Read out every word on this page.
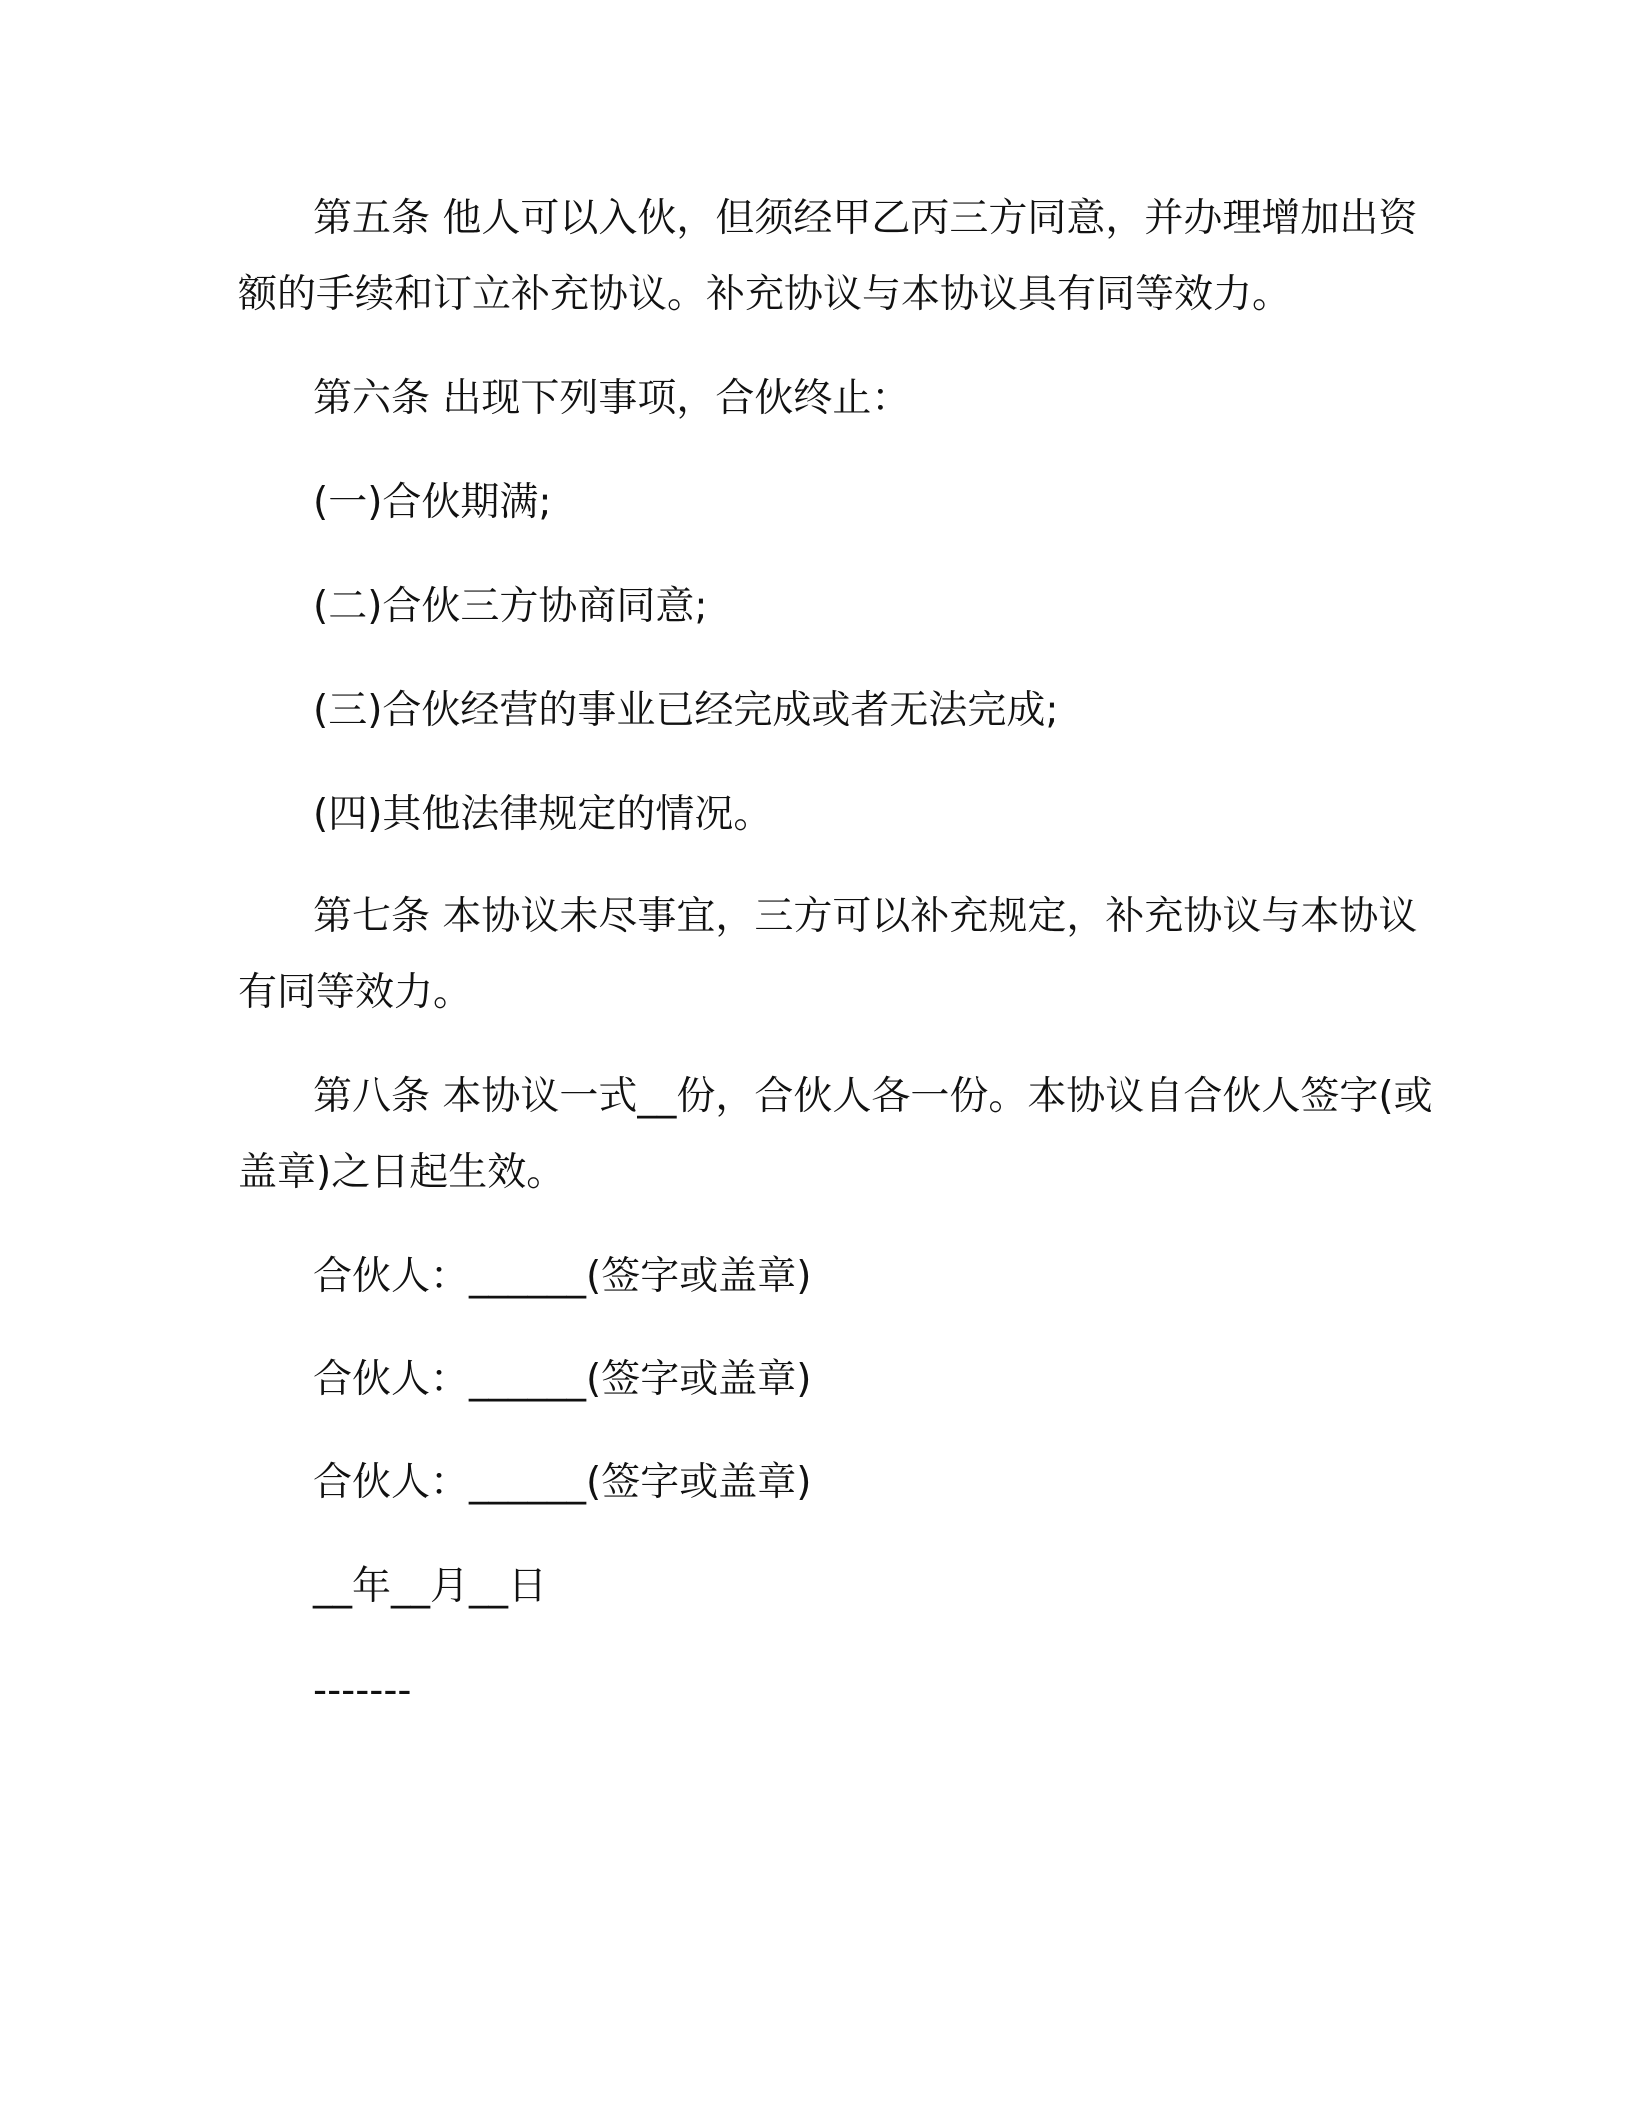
第五条 他人可以入伙，但须经甲乙丙三方同意，并办理增加出资

额的手续和订立补充协议。补充协议与本协议具有同等效力。

第六条 出现下列事项，合伙终止：

(一)合伙期满;

(二)合伙三方协商同意;

(三)合伙经营的事业已经完成或者无法完成;

(四)其他法律规定的情况。

第七条 本协议未尽事宜，三方可以补充规定，补充协议与本协议

有同等效力。

第八条 本协议一式__份，合伙人各一份。本协议自合伙人签字(或

盖章)之日起生效。

合伙人：______(签字或盖章)

合伙人：______(签字或盖章)

合伙人：______(签字或盖章)

__年__月__日

-------
